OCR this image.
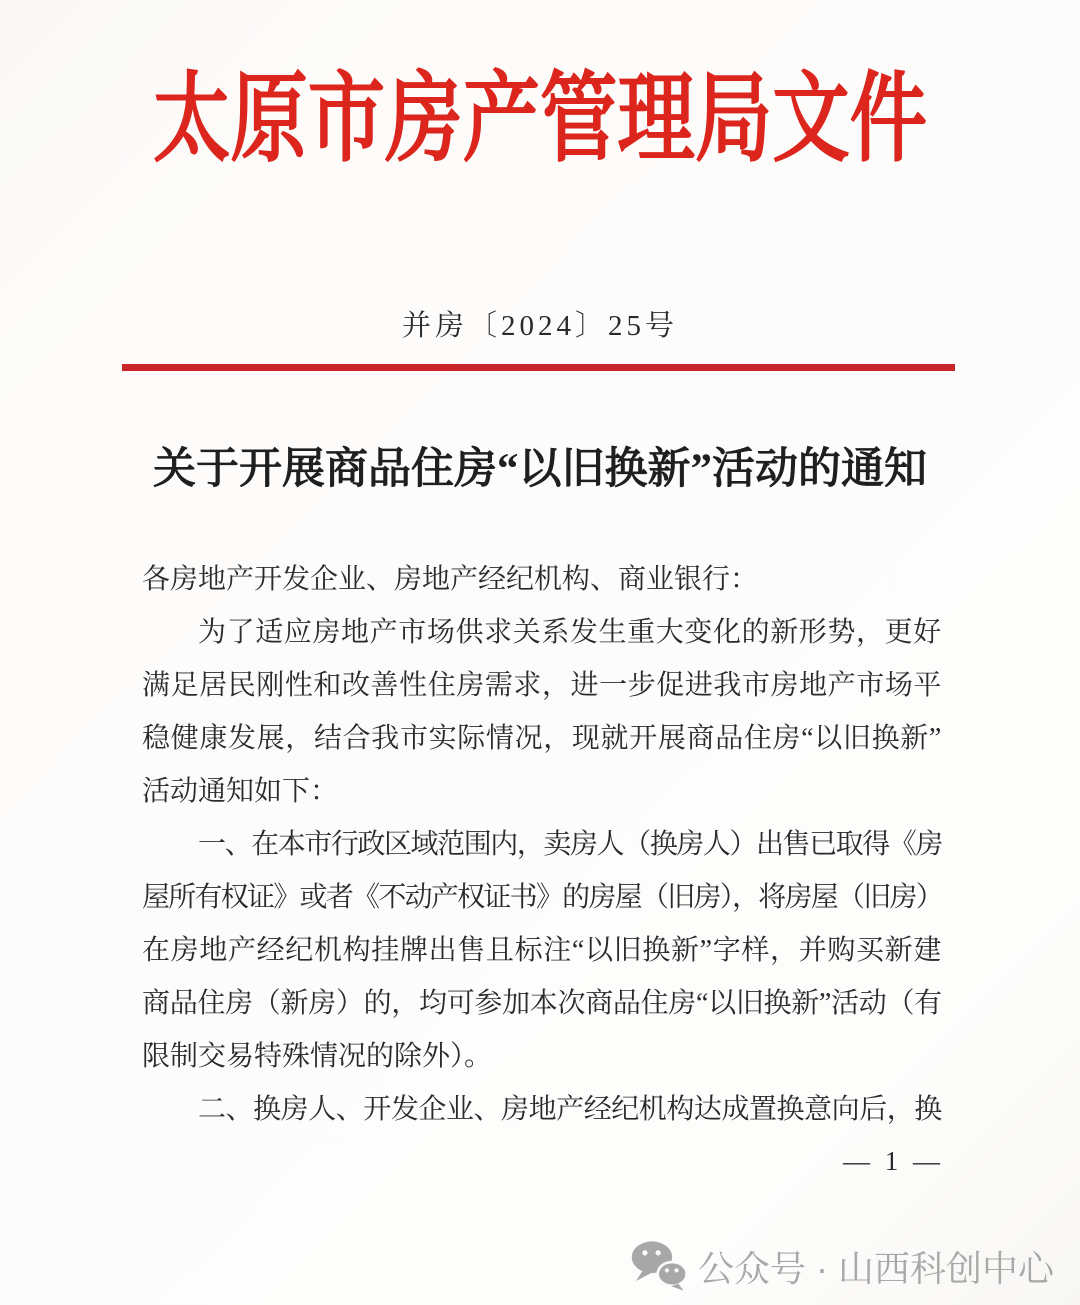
太原市房产管理局文件
并房〔2024〕25号
关于开展商品住房“以旧换新”活动的通知
各房地产开发企业、房地产经纪机构、商业银行：
为了适应房地产市场供求关系发生重大变化的新形势，更好
满足居民刚性和改善性住房需求，进一步促进我市房地产市场平
稳健康发展，结合我市实际情况，现就开展商品住房“以旧换新”
活动通知如下：
一、在本市行政区域范围内，卖房人（换房人）出售已取得《房
屋所有权证》或者《不动产权证书》的房屋（旧房），将房屋（旧房）
在房地产经纪机构挂牌出售且标注“以旧换新”字样，并购买新建
商品住房（新房）的，均可参加本次商品住房“以旧换新”活动（有
限制交易特殊情况的除外）。
二、换房人、开发企业、房地产经纪机构达成置换意向后，换
— 1 —
公众号 · 山西科创中心
